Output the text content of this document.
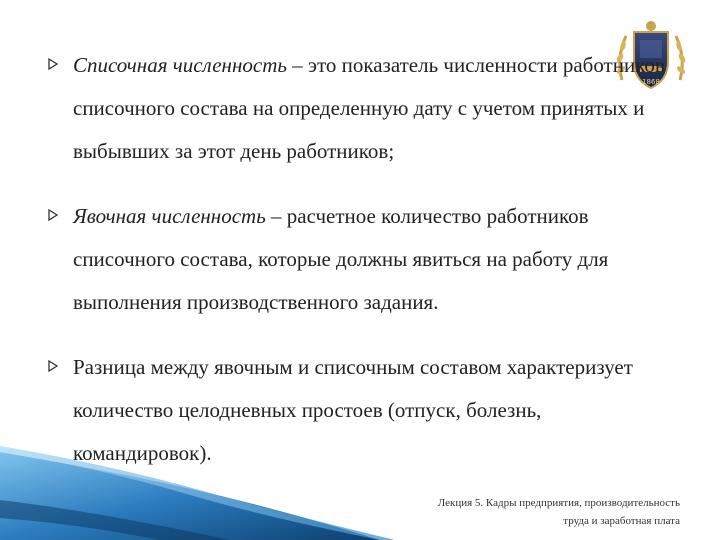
1868
Списочная численность – это показатель численности работников списочного состава на определенную дату с учетом принятых и выбывших за этот день работников;
Явочная численность – расчетное количество работников списочного состава, которые должны явиться на работу для выполнения производственного задания.
Разница между явочным и списочным составом характеризует количество целодневных простоев (отпуск, болезнь, командировок).
Лекция 5. Кадры предприятия, производительность
труда и заработная плата
